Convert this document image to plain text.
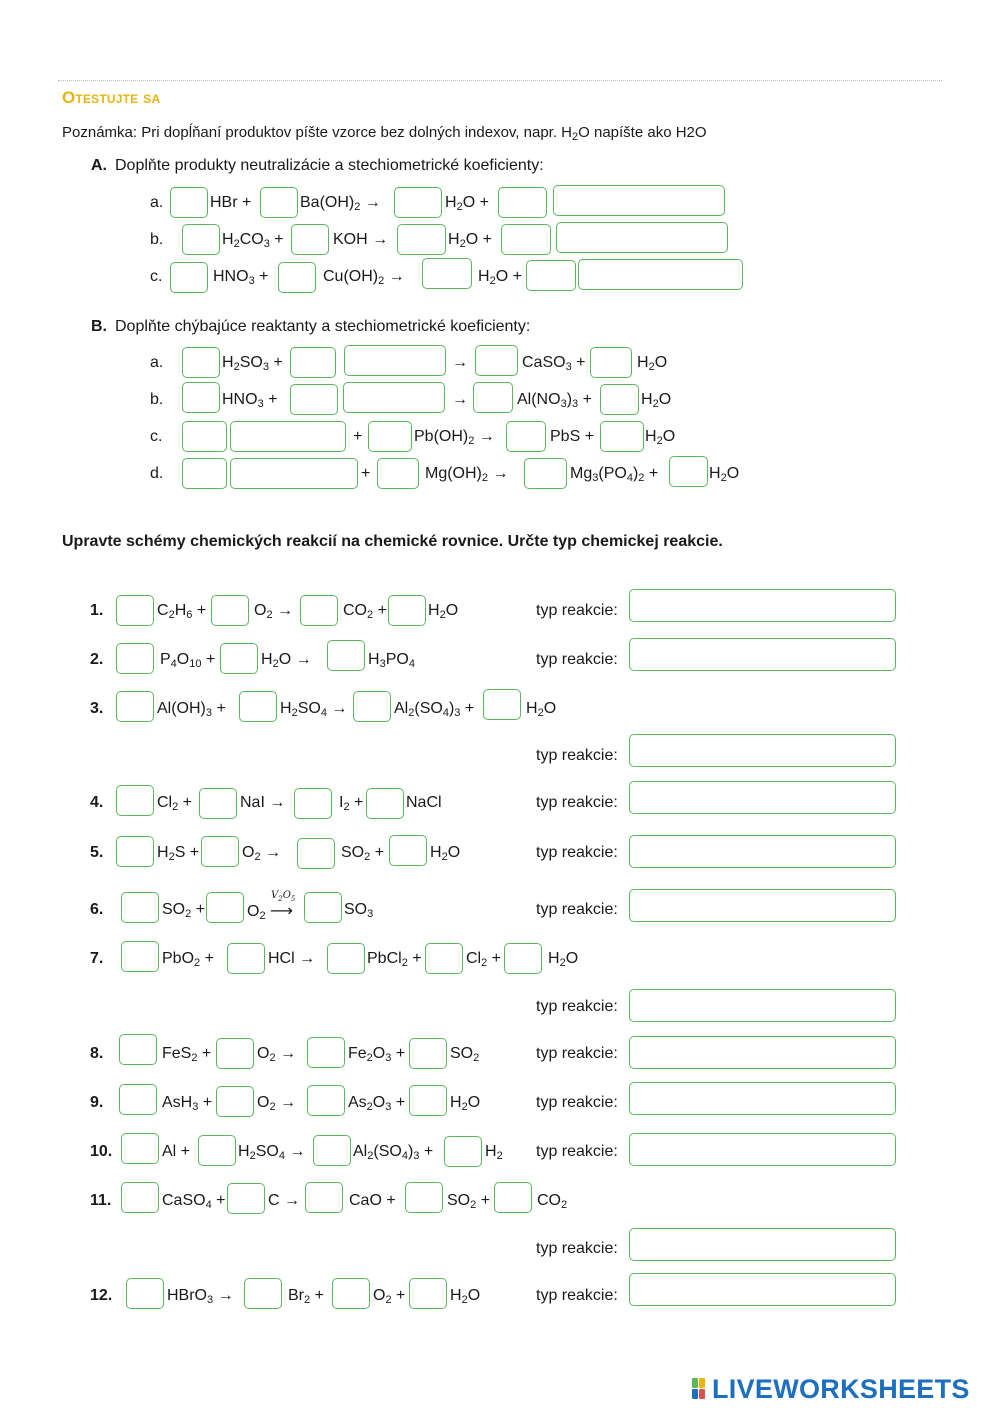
Otestujte sa
Poznámka: Pri dopĺňaní produktov píšte vzorce bez dolných indexov, napr. $H_2O$ napíšte ako H2O
A. Doplňte produkty neutralizácie a stechiometrické koeficienty:
a.	HBr +	$Ba(OH)_2$ →	$H_2O$ +
b.	$H_2CO_3$ +	KOH →	$H_2O$ +
c.	$HNO_3$ +	$Cu(OH)_2$ →	$H_2O$ +
B. Doplňte chýbajúce reaktanty a stechiometrické koeficienty:
a.	$H_2SO_3$ +	→	CaSO$_3$ +	$H_2O$
b.	$HNO_3$ +	→	$Al(NO_3)_3$ +	$H_2O$
c.	+	$Pb(OH)_2$ →	PbS +	$H_2O$
d.	+	$Mg(OH)_2$ →	$Mg_3(PO_4)_2$ +	$H_2O$
Upravte schémy chemických reakcií na chemické rovnice. Určte typ chemickej reakcie.
1.	$C_2H_6$ +	$O_2$ →	$CO_2$ +	$H_2O$	typ reakcie:
2.	$P_4O_{10}$ +	$H_2O$ →	$H_3PO_4$	typ reakcie:
3.	$Al(OH)_3$ +	$H_2SO_4$ →	$Al_2(SO_4)_3$ +	$H_2O$
typ reakcie:
4.	$Cl_2$ +	NaI →	$I_2$ +	NaCl	typ reakcie:
5.	$H_2S$ +	$O_2$ →	$SO_2$ +	$H_2O$	typ reakcie:
6.	$SO_2$ +	$O_2$ ⟶
$V_2O_5$
$SO_3$	typ reakcie:
7.	PbO$_2$ +	HCl →	PbCl$_2$ +	$Cl_2$ +	$H_2O$
typ reakcie:
8.	FeS$_2$ +	$O_2$ →	$Fe_2O_3$ +	$SO_2$	typ reakcie:
9.	AsH$_3$ +	$O_2$ →	$As_2O_3$ +	$H_2O$	typ reakcie:
10.	Al +	$H_2SO_4$ →	$Al_2(SO_4)_3$ +	$H_2$ typ reakcie:
11.	CaSO$_4$ +	C →	CaO +	$SO_2$ +	$CO_2$
typ reakcie:
12.	HBrO$_3$ →	$Br_2$ +	$O_2$ +	$H_2O$	typ reakcie:
LIVEWORKSHEETS
